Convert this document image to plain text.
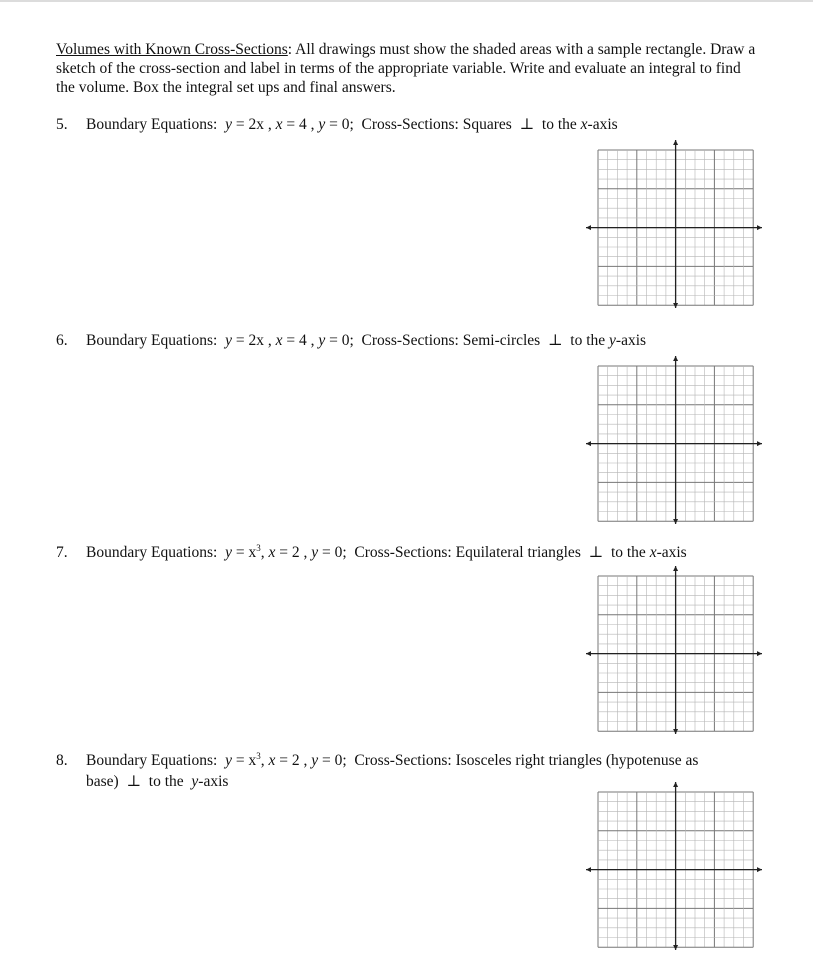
Volumes with Known Cross-Sections: All drawings must show the shaded areas with a sample rectangle. Draw a sketch of the cross-section and label in terms of the appropriate variable. Write and evaluate an integral to find the volume. Box the integral set ups and final answers.
5. Boundary Equations: y = 2x , x = 4 , y = 0; Cross-Sections: Squares ⊥ to the x-axis
6. Boundary Equations: y = 2x , x = 4 , y = 0; Cross-Sections: Semi-circles ⊥ to the y-axis
7. Boundary Equations: $y = x^3$, x = 2 , y = 0; Cross-Sections: Equilateral triangles ⊥ to the x-axis
8. Boundary Equations: $y = x^3$, x = 2 , y = 0; Cross-Sections: Isosceles right triangles (hypotenuse as
base) ⊥ to the y-axis
